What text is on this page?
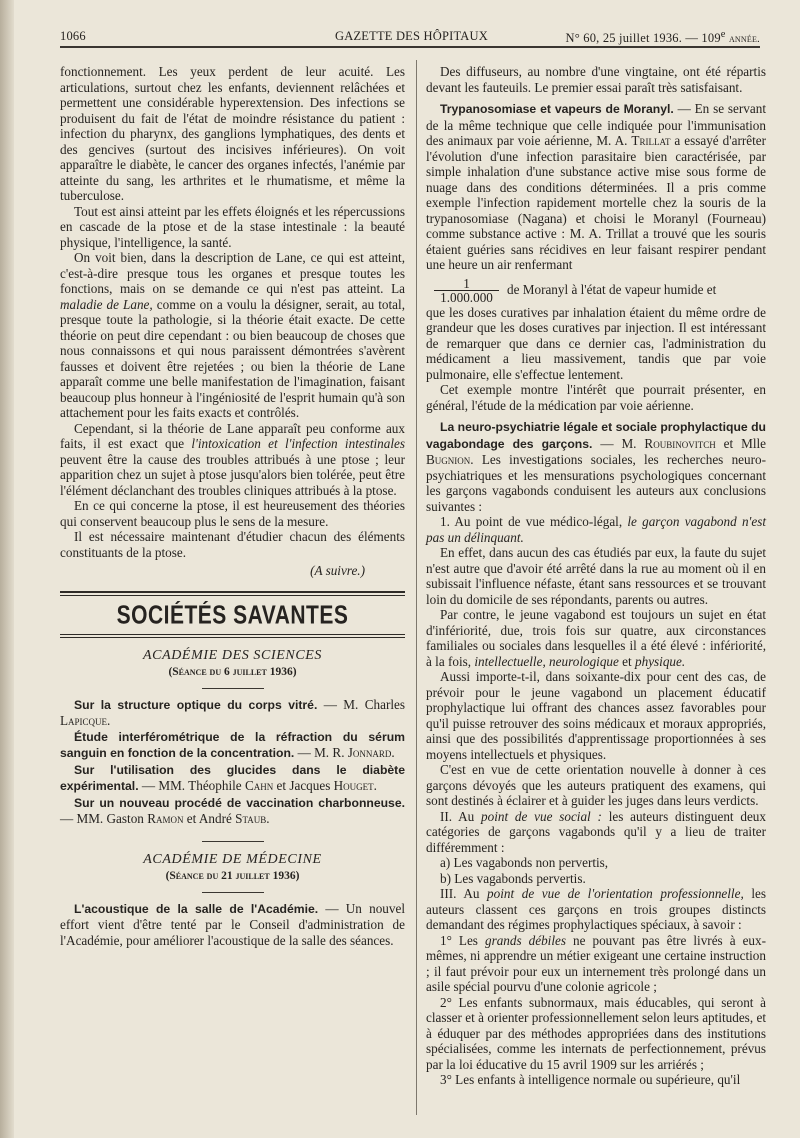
1066	GAZETTE DES HÔPITAUX	N° 60, 25 juillet 1936. — 109e année.

fonctionnement. Les yeux perdent de leur acuité. Les articulations, surtout chez les enfants, deviennent relâchées et permettent une considérable hyperextension. Des infections se produisent du fait de l'état de moindre résistance du patient : infection du pharynx, des ganglions lymphatiques, des dents et des gencives (surtout des incisives inférieures). On voit apparaître le diabète, le cancer des organes infectés, l'anémie par atteinte du sang, les arthrites et le rhumatisme, et même la tuberculose.

Tout est ainsi atteint par les effets éloignés et les répercussions en cascade de la ptose et de la stase intestinale : la beauté physique, l'intelligence, la santé.

On voit bien, dans la description de Lane, ce qui est atteint, c'est-à-dire presque tous les organes et presque toutes les fonctions, mais on se demande ce qui n'est pas atteint. La maladie de Lane, comme on a voulu la désigner, serait, au total, presque toute la pathologie, si la théorie était exacte. De cette théorie on peut dire cependant : ou bien beaucoup de choses que nous connaissons et qui nous paraissent démontrées s'avèrent fausses et doivent être rejetées ; ou bien la théorie de Lane apparaît comme une belle manifestation de l'imagination, faisant beaucoup plus honneur à l'ingéniosité de l'esprit humain qu'à son attachement pour les faits exacts et contrôlés.

Cependant, si la théorie de Lane apparaît peu conforme aux faits, il est exact que l'intoxication et l'infection intestinales peuvent être la cause des troubles attribués à une ptose ; leur apparition chez un sujet à ptose jusqu'alors bien tolérée, peut être l'élément déclanchant des troubles cliniques attribués à la ptose.

En ce qui concerne la ptose, il est heureusement des théories qui conservent beaucoup plus le sens de la mesure.

Il est nécessaire maintenant d'étudier chacun des éléments constituants de la ptose.

(A suivre.)
SOCIÉTÉS SAVANTES
ACADÉMIE DES SCIENCES
(Séance du 6 juillet 1936)

Sur la structure optique du corps vitré. — M. Charles Lapicque.

Étude interférométrique de la réfraction du sérum sanguin en fonction de la concentration. — M. R. Jonnard.

Sur l'utilisation des glucides dans le diabète expérimental. — MM. Théophile Cahn et Jacques Houget.

Sur un nouveau procédé de vaccination charbonneuse. — MM. Gaston Ramon et André Staub.

ACADÉMIE DE MÉDECINE
(Séance du 21 juillet 1936)

L'acoustique de la salle de l'Académie. — Un nouvel effort vient d'être tenté par le Conseil d'administration de l'Académie, pour améliorer l'acoustique de la salle des séances.

Des diffuseurs, au nombre d'une vingtaine, ont été répartis devant les fauteuils. Le premier essai paraît très satisfaisant.

Trypanosomiase et vapeurs de Moranyl. — En se servant de la même technique que celle indiquée pour l'immunisation des animaux par voie aérienne, M. A. Trillat a essayé d'arrêter l'évolution d'une infection parasitaire bien caractérisée, par simple inhalation d'une substance active mise sous forme de nuage dans des conditions déterminées. Il a pris comme exemple l'infection rapidement mortelle chez la souris de la trypanosomiase (Nagana) et choisi le Moranyl (Fourneau) comme substance active : M. A. Trillat a trouvé que les souris étaient guéries sans récidives en leur faisant respirer pendant une heure un air renfermant

1
1.000.000 de Moranyl à l'état de vapeur humide et

que les doses curatives par inhalation étaient du même ordre de grandeur que les doses curatives par injection. Il est intéressant de remarquer que dans ce dernier cas, l'administration du médicament a lieu massivement, tandis que par voie pulmonaire, elle s'effectue lentement.

Cet exemple montre l'intérêt que pourrait présenter, en général, l'étude de la médication par voie aérienne.

La neuro-psychiatrie légale et sociale prophylactique du vagabondage des garçons. — M. Roubinovitch et Mlle Bugnion. Les investigations sociales, les recherches neuro-psychiatriques et les mensurations psychologiques concernant les garçons vagabonds conduisent les auteurs aux conclusions suivantes :

1. Au point de vue médico-légal, le garçon vagabond n'est pas un délinquant.

En effet, dans aucun des cas étudiés par eux, la faute du sujet n'est autre que d'avoir été arrêté dans la rue au moment où il en subissait l'influence néfaste, étant sans ressources et se trouvant loin du domicile de ses répondants, parents ou autres.

Par contre, le jeune vagabond est toujours un sujet en état d'infériorité, due, trois fois sur quatre, aux circonstances familiales ou sociales dans lesquelles il a été élevé : infériorité, à la fois, intellectuelle, neurologique et physique.

Aussi importe-t-il, dans soixante-dix pour cent des cas, de prévoir pour le jeune vagabond un placement éducatif prophylactique lui offrant des chances assez favorables pour qu'il puisse retrouver des soins médicaux et moraux appropriés, ainsi que des possibilités d'apprentissage proportionnées à ses moyens intellectuels et physiques.

C'est en vue de cette orientation nouvelle à donner à ces garçons dévoyés que les auteurs pratiquent des examens, qui sont destinés à éclairer et à guider les juges dans leurs verdicts.

II. Au point de vue social : les auteurs distinguent deux catégories de garçons vagabonds qu'il y a lieu de traiter différemment :

a) Les vagabonds non pervertis,

b) Les vagabonds pervertis.

III. Au point de vue de l'orientation professionnelle, les auteurs classent ces garçons en trois groupes distincts demandant des régimes prophylactiques spéciaux, à savoir :

1° Les grands débiles ne pouvant pas être livrés à eux-mêmes, ni apprendre un métier exigeant une certaine instruction ; il faut prévoir pour eux un internement très prolongé dans un asile spécial pourvu d'une colonie agricole ;

2° Les enfants subnormaux, mais éducables, qui seront à classer et à orienter professionnellement selon leurs aptitudes, et à éduquer par des méthodes appropriées dans des institutions spécialisées, comme les internats de perfectionnement, prévus par la loi éducative du 15 avril 1909 sur les arriérés ;

3° Les enfants à intelligence normale ou supérieure, qu'il
